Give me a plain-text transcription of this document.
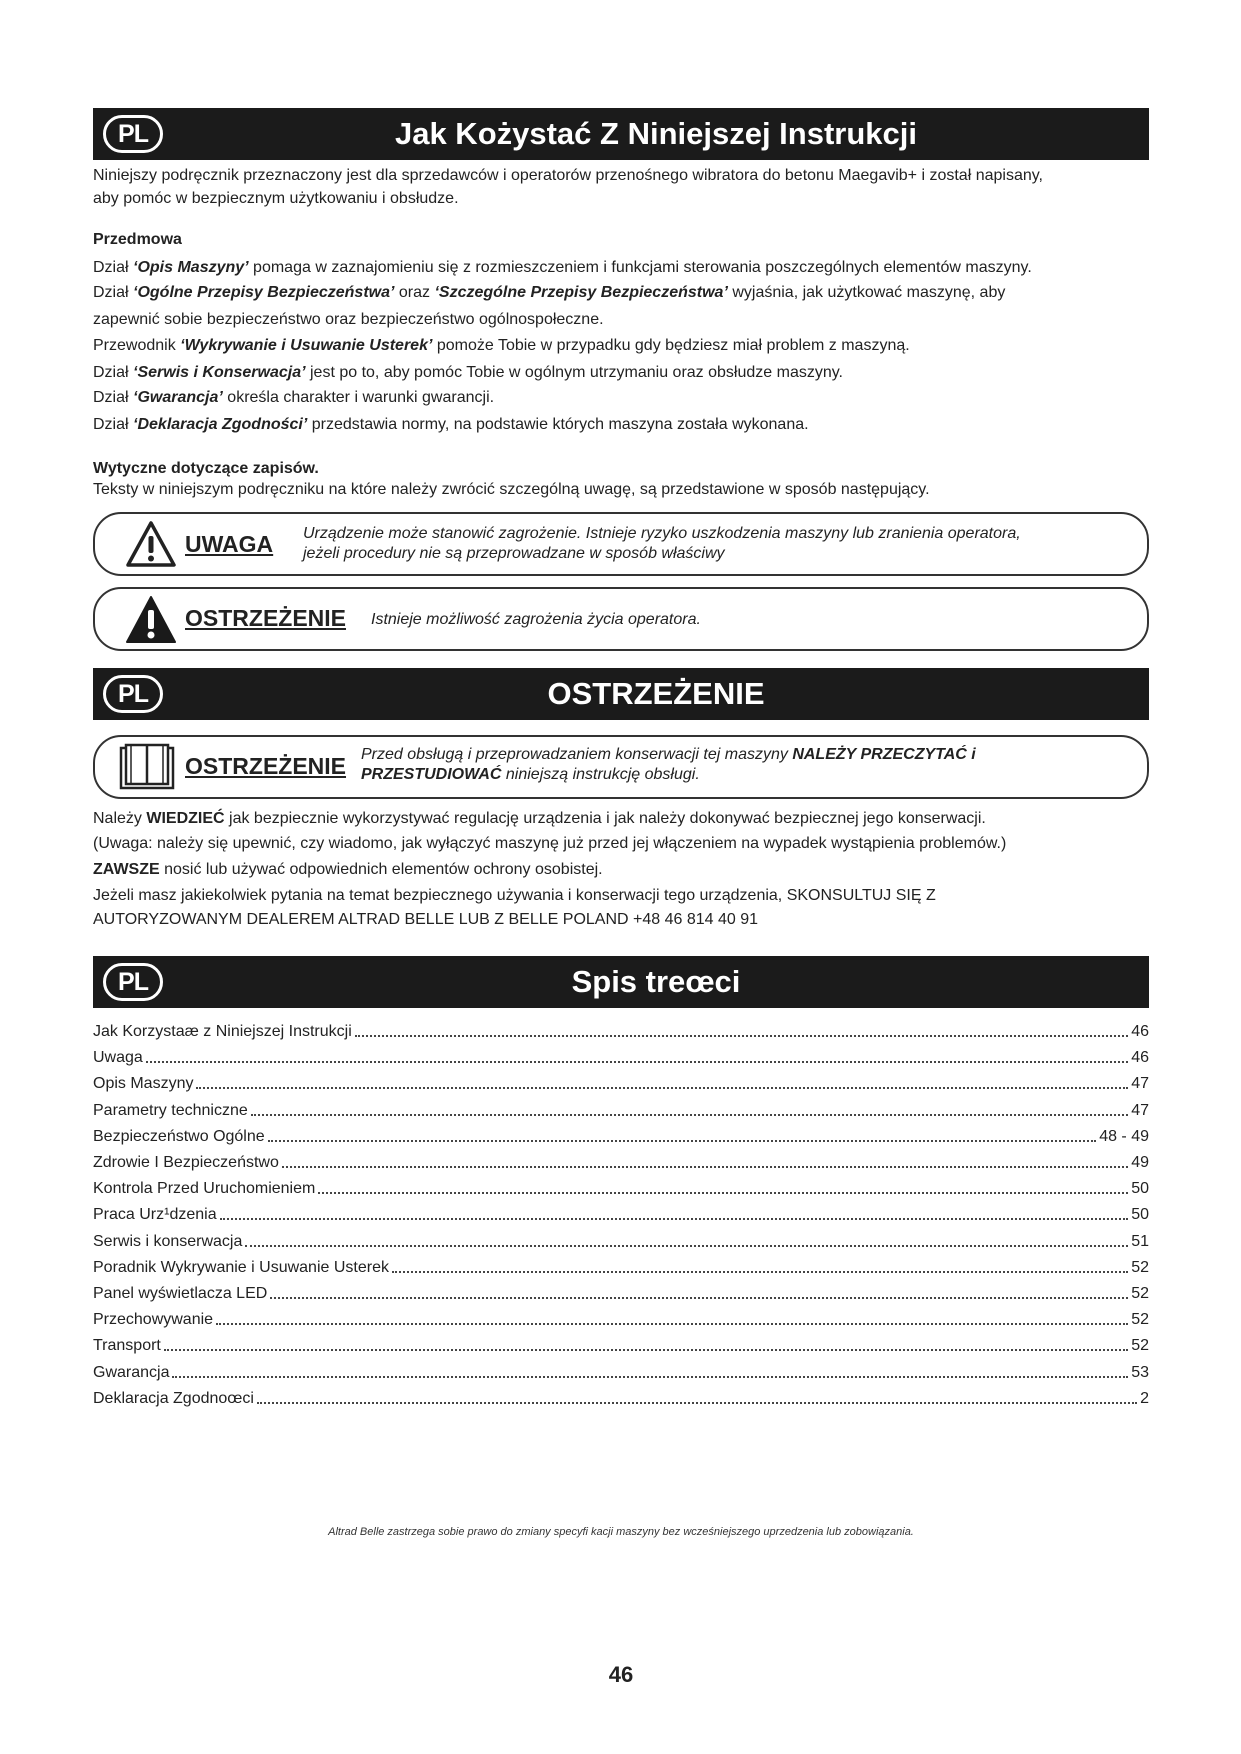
PL	Jak Kożystać Z Niniejszej Instrukcji
Niniejszy podręcznik przeznaczony jest dla sprzedawców i operatorów przenośnego wibratora do betonu Maegavib+ i został napisany,
aby pomóc w bezpiecznym użytkowaniu i obsłudze.
Przedmowa
Dział ‘Opis Maszyny’ pomaga w zaznajomieniu się z rozmieszczeniem i funkcjami sterowania poszczególnych elementów maszyny.
Dział ‘Ogólne Przepisy Bezpieczeństwa’ oraz ‘Szczególne Przepisy Bezpieczeństwa’ wyjaśnia, jak użytkować maszynę, aby
zapewnić sobie bezpieczeństwo oraz bezpieczeństwo ogólnospołeczne.
Przewodnik ‘Wykrywanie i Usuwanie Usterek’ pomoże Tobie w przypadku gdy będziesz miał problem z maszyną.
Dział ‘Serwis i Konserwacja’ jest po to, aby pomóc Tobie w ogólnym utrzymaniu oraz obsłudze maszyny.
Dział ‘Gwarancja’ określa charakter i warunki gwarancji.
Dział ‘Deklaracja Zgodności’ przedstawia normy, na podstawie których maszyna została wykonana.
Wytyczne dotyczące zapisów.
Teksty w niniejszym podręczniku na które należy zwrócić szczególną uwagę, są przedstawione w sposób następujący.
UWAGA Urządzenie może stanowić zagrożenie. Istnieje ryzyko uszkodzenia maszyny lub zranienia operatora,
jeżeli procedury nie są przeprowadzane w sposób właściwy
OSTRZEŻENIE Istnieje możliwość zagrożenia życia operatora.
PL	OSTRZEŻENIE
OSTRZEŻENIE Przed obsługą i przeprowadzaniem konserwacji tej maszyny NALEŻY PRZECZYTAĆ i
PRZESTUDIOWAĆ niniejszą instrukcję obsługi.
Należy WIEDZIEĆ jak bezpiecznie wykorzystywać regulację urządzenia i jak należy dokonywać bezpiecznej jego konserwacji.
(Uwaga: należy się upewnić, czy wiadomo, jak wyłączyć maszynę już przed jej włączeniem na wypadek wystąpienia problemów.)
ZAWSZE nosić lub używać odpowiednich elementów ochrony osobistej.
Jeżeli masz jakiekolwiek pytania na temat bezpiecznego używania i konserwacji tego urządzenia, SKONSULTUJ SIĘ Z
AUTORYZOWANYM DEALEREM ALTRAD BELLE LUB Z BELLE POLAND +48 46 814 40 91
PL	Spis treœci
Jak Korzystaæ z Niniejszej Instrukcji	46
Uwaga	46
Opis Maszyny	47
Parametry techniczne	47
Bezpieczeństwo Ogólne	48 - 49
Zdrowie I Bezpieczeństwo	49
Kontrola Przed Uruchomieniem	50
Praca Urz¹dzenia	50
Serwis i konserwacja	51
Poradnik Wykrywanie i Usuwanie Usterek	52
Panel wyświetlacza LED	52
Przechowywanie	52
Transport	52
Gwarancja	53
Deklaracja Zgodnoœci	2
Altrad Belle zastrzega sobie prawo do zmiany specyfi kacji maszyny bez wcześniejszego uprzedzenia lub zobowiązania.
46
